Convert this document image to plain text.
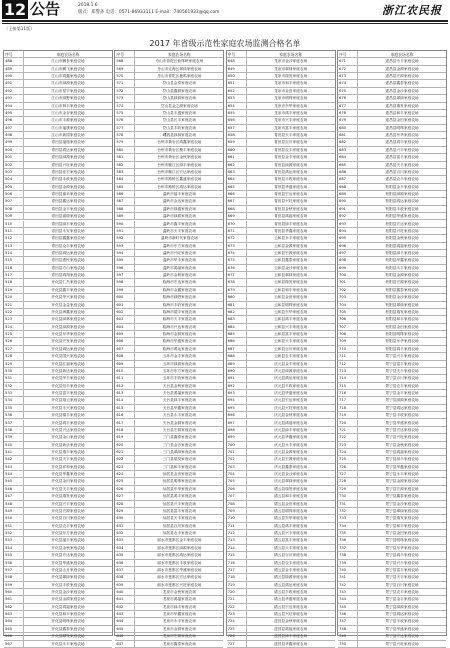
12 公告	2018.1.6
版式：郑警孙 电话：0571-86933111 E-mail：740561933@qq.com	浙江农民报
（上接第11版）
2017 年省级示范性家庭农场监测合格名单
序号	家庭农场名称
488	江山市鹏泰家庭农场
489	江山市鹏飞家庭农场
490	江山市鸿鑫家庭农场
491	江山市绿源家庭农场
492	江山市星宇家庭农场
493	江山市绿野家庭农场
494	江山市林丰家庭农场
495	江山市金谷家庭农场
496	江山市丰源家庭农场
497	江山市福康家庭农场
498	江山市新园家庭农场
499	青田县福瑞家庭农场
500	青田县鸿达家庭农场
501	青田县绿源家庭农场
502	青田县兴旺家庭农场
503	青田县佳宏家庭农场
504	青田县丰收家庭农场
505	青田县金源家庭农场
506	青田县嘉禾家庭农场
507	青田县鑫达家庭农场
508	青田县金丰家庭农场
509	青田县嘉瑞家庭农场
510	青田县绿丰家庭农场
511	青田县永安家庭农场
512	青田县鑫鑫家庭农场
513	青田县众丰家庭农场
514	青田县鸿运家庭农场
515	青田县惠民家庭农场
516	青田县方山家庭农场
517	青田县鸿翔家庭农场
518	开化县仁杰家庭农场
519	开化县鑫丰家庭农场
520	开化县华兴家庭农场
521	开化县金益家庭农场
522	开化县海鑫家庭农场
523	开化县绿林家庭农场
524	开化县绿源家庭农场
525	开化县东华家庭农场
526	开化县宏发家庭农场
527	开化县鸿运家庭农场
528	开化县国兴家庭农场
529	开化县红福家庭农场
530	开化县新达家庭农场
531	开化县华丰家庭农场
532	开化县信丰家庭农场
533	开化县富丰家庭农场
534	开化县翔云家庭农场
535	开化县永兴家庭农场
536	开化县锦丰家庭农场
537	开化县鸿丰家庭农场
538	开化县兴达家庭农场
539	开化县金山家庭农场
540	开化县新乐家庭农场
541	开化县瑞丰家庭农场
542	开化县天宇家庭农场
543	开化县祥和家庭农场
544	开化县华鑫家庭农场
545	开化县金田家庭农场
546	开化县天丰家庭农场
547	开化县瑞发家庭农场
548	开化县兴丰家庭农场
549	开化县宏源家庭农场
550	开化县百川家庭农场
551	开化县农丰家庭农场
552	开化县东方家庭农场
553	开化县福丰家庭农场
554	开化县金秋家庭农场
555	开化县宏达家庭农场
556	开化县华盛家庭农场
557	开化县山月家庭农场
558	开化县翠绿家庭农场
559	开化县丰收家庭农场
560	开化县金沙家庭农场
561	开化县金源家庭农场
562	开化县鸿福家庭农场
563	开化县和丰家庭农场
564	开化县明珠家庭农场
565	开化县鑫泰家庭农场
566	开化县顺发家庭农场
567	开化县永丰家庭农场
序号	家庭农场名称
568	舟山市普陀区仙珠岭家庭农场
569	舟山市定海区翠绿家庭农场
570	舟山市普陀区鹿鸣家庭农场
571	岱山县金泰家庭农场
572	岱山县鑫源家庭农场
573	岱山县绿源家庭农场
574	岱山县金之源家庭农场
575	岱山县丰盛家庭农场
576	岱山县长丰家庭农场
577	岱山县丰收家庭农场
578	嵊泗县绿林家庭农场
579	台州市黄岩区鸿鑫家庭农场
580	台州市黄岩区聚丰家庭农场
581	台州市黄岩区金秋家庭农场
582	台州市椒江区绿丰家庭农场
583	台州市椒江区宏达家庭农场
584	台州市路桥区鑫盛家庭农场
585	台州市路桥区鸿运家庭农场
586	温岭市福丰家庭农场
587	温岭市金达家庭农场
588	温岭市绿盛家庭农场
589	温岭市绿源家庭农场
590	温岭市鑫丰家庭农场
591	温岭市天宇家庭农场
592	温岭市新时代家庭农场
593	温岭市东方家庭农场
594	温岭市兴旺家庭农场
595	温岭市华丰家庭农场
596	温岭市鸿福家庭农场
597	温岭市金秋家庭农场
598	临海市宏达家庭农场
599	临海市金鑫家庭农场
600	临海市绿野家庭农场
601	临海市丰收家庭农场
602	临海市瑞丰家庭农场
603	临海市天丰家庭农场
604	临海市兴达家庭农场
605	临海市金源家庭农场
606	临海市华盛家庭农场
607	临海市鸿运家庭农场
608	玉环市金丰家庭农场
609	玉环市绿源家庭农场
610	玉环市东方家庭农场
611	玉环市丰收家庭农场
612	天台县金秋家庭农场
613	天台县鸿福家庭农场
614	天台县绿丰家庭农场
615	天台县华鑫家庭农场
616	天台县永丰家庭农场
617	天台县金源家庭农场
618	天台县宏源家庭农场
619	三门县鑫泰家庭农场
620	三门县金沙家庭农场
621	三门县翠绿家庭农场
622	三门县瑞发家庭农场
623	三门县和丰家庭农场
624	仙居县金田家庭农场
625	仙居县明珠家庭农场
626	仙居县东华家庭农场
627	仙居县鸿丰家庭农场
628	仙居县兴丰家庭农场
629	仙居县富丰家庭农场
630	仙居县天丰家庭农场
631	仙居县百川家庭农场
632	仙居县农丰家庭农场
633	丽水市莲都区金丰家庭农场
634	丽水市莲都区绿源家庭农场
635	丽水市莲都区鸿运家庭农场
636	丽水市莲都区丰收家庭农场
637	丽水市莲都区华盛家庭农场
638	丽水市莲都区宏达家庭农场
639	丽水市莲都区兴旺家庭农场
640	龙泉市金秋家庭农场
641	龙泉市鸿福家庭农场
642	龙泉市绿丰家庭农场
643	龙泉市华鑫家庭农场
644	龙泉市永丰家庭农场
645	龙泉市金源家庭农场
646	龙泉市宏源家庭农场
647	龙泉市鑫泰家庭农场
序号	家庭农场名称
648	龙泉市金沙家庭农场
649	龙泉市翠绿家庭农场
650	龙泉市瑞发家庭农场
651	龙泉市和丰家庭农场
652	龙泉市金田家庭农场
653	龙泉市明珠家庭农场
654	龙泉市东华家庭农场
655	龙泉市鸿丰家庭农场
656	龙泉市兴丰家庭农场
657	龙泉市富丰家庭农场
658	青田县天丰家庭农场
659	青田县百川家庭农场
660	青田县农丰家庭农场
661	青田县金丰家庭农场
662	青田县绿源家庭农场
663	青田县鸿运家庭农场
664	青田县丰收家庭农场
665	青田县华盛家庭农场
666	青田县宏达家庭农场
667	青田县兴旺家庭农场
668	青田县金秋家庭农场
669	青田县鸿福家庭农场
670	青田县绿丰家庭农场
671	青田县华鑫家庭农场
672	云和县永丰家庭农场
673	云和县金源家庭农场
674	云和县宏源家庭农场
675	云和县鑫泰家庭农场
676	云和县金沙家庭农场
677	云和县翠绿家庭农场
678	云和县瑞发家庭农场
679	云和县和丰家庭农场
680	云和县金田家庭农场
681	云和县明珠家庭农场
682	云和县东华家庭农场
683	云和县鸿丰家庭农场
684	云和县兴丰家庭农场
685	云和县富丰家庭农场
686	云和县天丰家庭农场
687	云和县百川家庭农场
688	云和县农丰家庭农场
689	庆元县金丰家庭农场
690	庆元县绿源家庭农场
691	庆元县鸿运家庭农场
692	庆元县丰收家庭农场
693	庆元县华盛家庭农场
694	庆元县宏达家庭农场
695	庆元县兴旺家庭农场
696	庆元县金秋家庭农场
697	庆元县鸿福家庭农场
698	庆元县绿丰家庭农场
699	庆元县华鑫家庭农场
700	庆元县永丰家庭农场
701	庆元县金源家庭农场
702	庆元县宏源家庭农场
703	庆元县鑫泰家庭农场
704	庆元县金沙家庭农场
705	庆元县翠绿家庭农场
706	缙云县瑞发家庭农场
707	缙云县和丰家庭农场
708	缙云县金田家庭农场
709	缙云县明珠家庭农场
710	缙云县东华家庭农场
711	缙云县鸿丰家庭农场
712	缙云县兴丰家庭农场
713	缙云县富丰家庭农场
714	缙云县天丰家庭农场
715	缙云县百川家庭农场
716	缙云县农丰家庭农场
717	缙云县金丰家庭农场
718	缙云县绿源家庭农场
719	缙云县鸿运家庭农场
720	缙云县丰收家庭农场
721	缙云县华盛家庭农场
722	缙云县宏达家庭农场
723	缙云县兴旺家庭农场
724	遂昌县金秋家庭农场
725	遂昌县鸿福家庭农场
726	遂昌县绿丰家庭农场
727	遂昌县华鑫家庭农场
序号	家庭农场名称
671	遂昌县永丰家庭农场
672	遂昌县金源家庭农场
673	遂昌县宏源家庭农场
674	遂昌县鑫泰家庭农场
675	遂昌县金沙家庭农场
676	遂昌县翠绿家庭农场
677	遂昌县瑞发家庭农场
678	遂昌县和丰家庭农场
679	遂昌县金田家庭农场
680	遂昌县明珠家庭农场
681	遂昌县东华家庭农场
682	遂昌县鸿丰家庭农场
683	遂昌县兴丰家庭农场
684	遂昌县富丰家庭农场
685	遂昌县天丰家庭农场
686	遂昌县百川家庭农场
687	遂昌县农丰家庭农场
688	松阳县金丰家庭农场
689	松阳县绿源家庭农场
690	松阳县鸿运家庭农场
691	松阳县丰收家庭农场
692	松阳县华盛家庭农场
693	松阳县宏达家庭农场
694	松阳县兴旺家庭农场
695	松阳县金秋家庭农场
696	松阳县鸿福家庭农场
697	松阳县绿丰家庭农场
698	松阳县华鑫家庭农场
699	松阳县永丰家庭农场
700	松阳县金源家庭农场
701	松阳县宏源家庭农场
702	松阳县鑫泰家庭农场
703	松阳县金沙家庭农场
704	松阳县翠绿家庭农场
705	松阳县瑞发家庭农场
706	松阳县和丰家庭农场
707	松阳县金田家庭农场
708	松阳县明珠家庭农场
709	松阳县东华家庭农场
710	松阳县鸿丰家庭农场
711	景宁县兴丰家庭农场
712	景宁县富丰家庭农场
713	景宁县天丰家庭农场
714	景宁县百川家庭农场
715	景宁县农丰家庭农场
716	景宁县金丰家庭农场
717	景宁县绿源家庭农场
718	景宁县鸿运家庭农场
719	景宁县丰收家庭农场
720	景宁县华盛家庭农场
721	景宁县宏达家庭农场
722	景宁县兴旺家庭农场
723	景宁县金秋家庭农场
724	景宁县鸿福家庭农场
725	景宁县绿丰家庭农场
726	景宁县华鑫家庭农场
727	景宁县永丰家庭农场
728	景宁县金源家庭农场
729	景宁县宏源家庭农场
730	景宁县鑫泰家庭农场
731	景宁县金沙家庭农场
732	景宁县翠绿家庭农场
733	景宁县瑞发家庭农场
734	景宁县和丰家庭农场
735	景宁县金田家庭农场
736	景宁县明珠家庭农场
737	景宁县东华家庭农场
738	景宁县鸿丰家庭农场
739	景宁县兴丰家庭农场
740	景宁县富丰家庭农场
741	景宁县天丰家庭农场
742	景宁县百川家庭农场
743	景宁县农丰家庭农场
744	景宁县金丰家庭农场
745	景宁县绿源家庭农场
746	景宁县鸿运家庭农场
747	景宁县丰收家庭农场
748	景宁县华盛家庭农场
749	景宁县宏达家庭农场
750	景宁县兴旺家庭农场
